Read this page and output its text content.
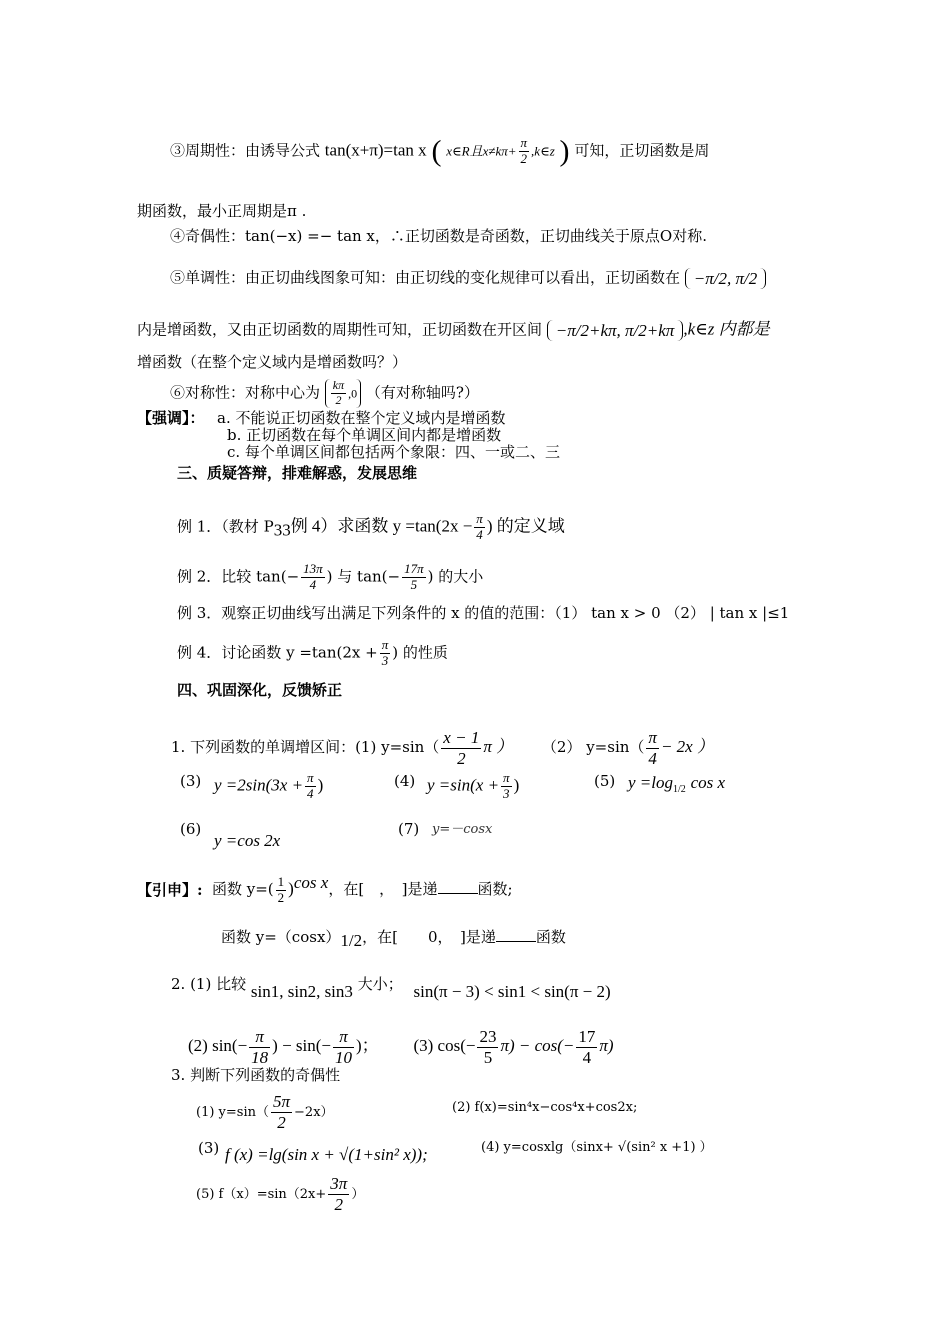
③周期性：由诱导公式 tan(x+π)=tan x ( x∈R且$x\ne k\pi+ \frac{\pi}{2}$ ,k∈z ) 可知，正切函数是周
期函数，最小正周期是π .
④奇偶性：tan(−x) =− tan x，∴正切函数是奇函数，正切曲线关于原点O对称.
⑤单调性：由正切曲线图象可知：由正切线的变化规律可以看出，正切函数在 −π/2, π/2
内是增函数，又由正切函数的周期性可知，正切函数在开区间 −π/2+kπ, π/2+kπ ,k∈z 内都是
增函数（在整个定义域内是增函数吗？）
⑥对称性：对称中心为 $\frac{k\pi}{2} ,0$ （有对称轴吗?）
【强调】： a. 不能说正切函数在整个定义域内是增函数
b. 正切函数在每个单调区间内都是增函数
c. 每个单调区间都包括两个象限：四、一或二、三
三、质疑答辩，排难解惑，发展思维
例 1．（教材 $P_{33}$例 4）求函数 $y =\tan(2x - \frac{\pi}{4}$ ) 的定义域
例 2．比较 $\tan(- \frac{13\pi}{4}$ ) 与 $\tan(- \frac{17\pi}{5}$ ) 的大小
例 3．观察正切曲线写出满足下列条件的 x 的值的范围：（1） tan x > 0 （2） | tan x |≤1
例 4．讨论函数 $y =\tan(2x + \frac{\pi}{3}$ ) 的性质
四、巩固深化，反馈矫正
1. 下列函数的单调增区间：(1) $y=\sin( \frac{x - 1}{2}$ π ） （2） $y=\sin( \frac{\pi}{4} - 2x$ ）
(3) $y =2\sin(3x + \frac{\pi}{4}$ )	(4) $y =\sin(x + \frac{\pi}{3}$ )	(5) $y =\log_{1/2}$ cos x
(6)
y =cos 2x
(7) y=－cosx
【引申】: 函数 $y=( \frac{1}{2} )^{cos x}$，在[　，　]是递	函数;
函数 $y=(\cos x)_{1/2}$，在[　　0，　]是递	函数
2. (1) 比较 sin1, sin2, sin3 大小； sin(π − 3) < sin1 < sin(π − 2)
(2) $\sin(- \frac{\pi}{18}$ ) − $\sin(- \frac{\pi}{10}$ )； (3) $\cos(- \frac{23}{5} \pi) - \cos(- \frac{17}{4} \pi)$
3. 判断下列函数的奇偶性
(1) $y=\sin( \frac{5\pi}{2} -2x)$	(2) f(x)=sin⁴x−cos⁴x+cos2x;
(3) f (x) =lg(sin x + √(1+sin² x));	(4) y=cosxlg（sinx+ √(sin² x +1) ）
(5) $f(x)=\sin(2x+ \frac{3\pi}{2}$ ）
